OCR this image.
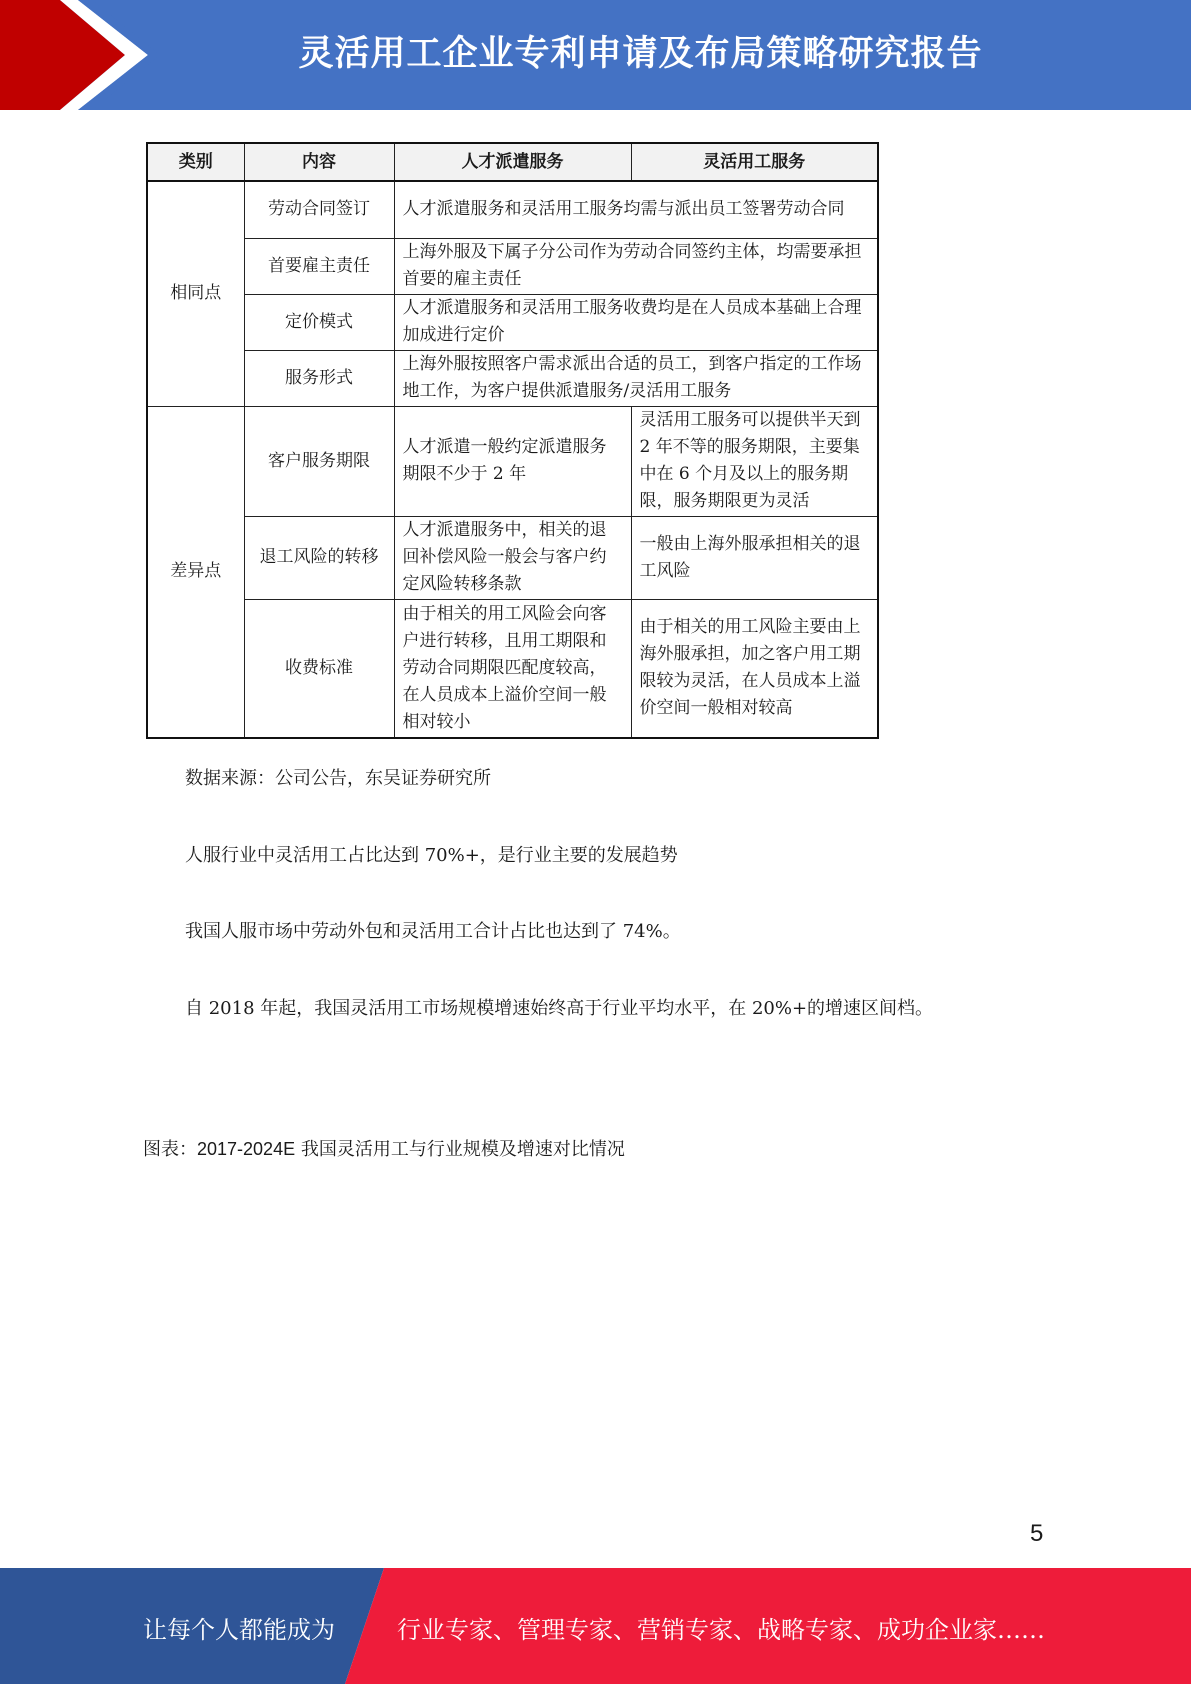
灵活用工企业专利申请及布局策略研究报告
类别	内容	人才派遣服务	灵活用工服务
相同点	劳动合同签订	人才派遣服务和灵活用工服务均需与派出员工签署劳动合同	
	首要雇主责任	上海外服及下属子分公司作为劳动合同签约主体，均需要承担首要的雇主责任	
	定价模式	人才派遣服务和灵活用工服务收费均是在人员成本基础上合理加成进行定价	
	服务形式	上海外服按照客户需求派出合适的员工，到客户指定的工作场地工作，为客户提供派遣服务/灵活用工服务	
差异点	客户服务期限	人才派遣一般约定派遣服务期限不少于 2 年	灵活用工服务可以提供半天到 2 年不等的服务期限，主要集中在 6 个月及以上的服务期限，服务期限更为灵活
	退工风险的转移	人才派遣服务中，相关的退回补偿风险一般会与客户约定风险转移条款	一般由上海外服承担相关的退工风险
	收费标准	由于相关的用工风险会向客户进行转移，且用工期限和劳动合同期限匹配度较高，在人员成本上溢价空间一般相对较小	由于相关的用工风险主要由上海外服承担，加之客户用工期限较为灵活，在人员成本上溢价空间一般相对较高
数据来源：公司公告，东吴证券研究所
人服行业中灵活用工占比达到 70%+，是行业主要的发展趋势
我国人服市场中劳动外包和灵活用工合计占比也达到了 74%。
自 2018 年起，我国灵活用工市场规模增速始终高于行业平均水平，在 20%+的增速区间档。
图表：2017-2024E 我国灵活用工与行业规模及增速对比情况
5
让每个人都能成为	行业专家、管理专家、营销专家、战略专家、成功企业家……
